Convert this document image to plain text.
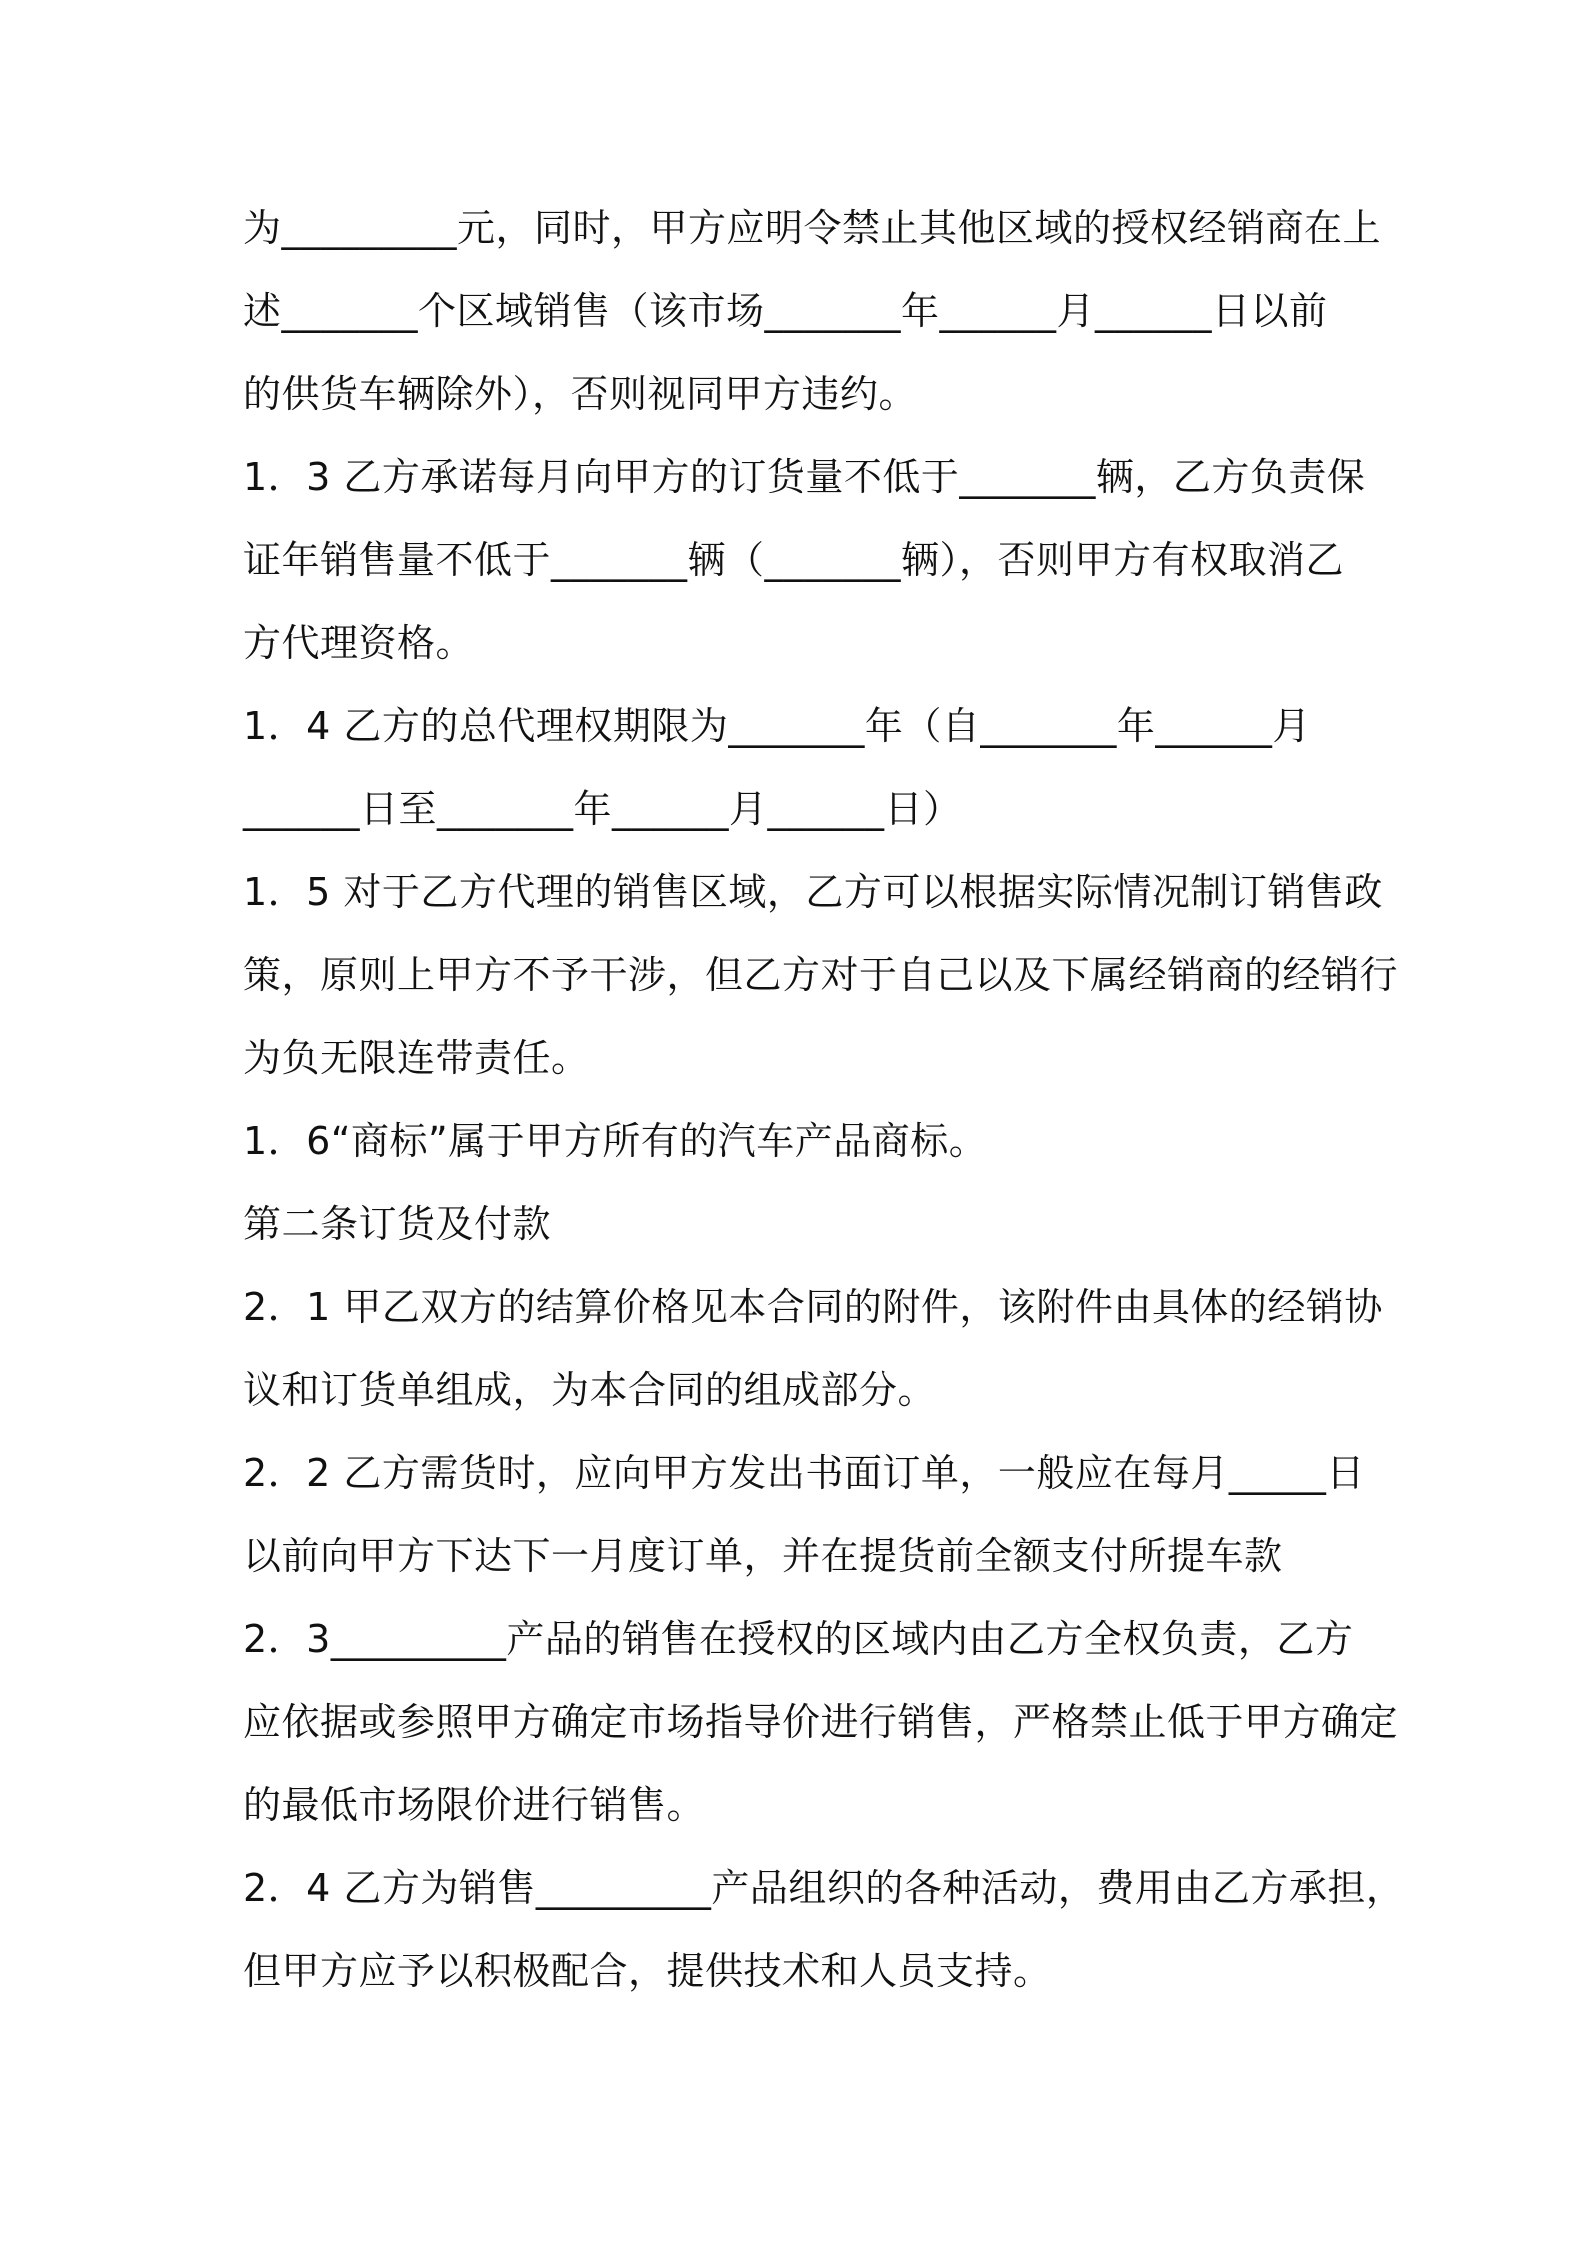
为_________元，同时，甲方应明令禁止其他区域的授权经销商在上

述_______个区域销售（该市场_______年______月______日以前

的供货车辆除外），否则视同甲方违约。

1．3 乙方承诺每月向甲方的订货量不低于_______辆，乙方负责保

证年销售量不低于_______辆（_______辆），否则甲方有权取消乙

方代理资格。

1．4 乙方的总代理权期限为_______年（自_______年______月

______日至_______年______月______日）

1．5 对于乙方代理的销售区域，乙方可以根据实际情况制订销售政

策，原则上甲方不予干涉，但乙方对于自己以及下属经销商的经销行

为负无限连带责任。

1．6“商标”属于甲方所有的汽车产品商标。

第二条订货及付款

2．1 甲乙双方的结算价格见本合同的附件，该附件由具体的经销协

议和订货单组成，为本合同的组成部分。

2．2 乙方需货时，应向甲方发出书面订单，一般应在每月_____日

以前向甲方下达下一月度订单，并在提货前全额支付所提车款

2．3_________产品的销售在授权的区域内由乙方全权负责，乙方

应依据或参照甲方确定市场指导价进行销售，严格禁止低于甲方确定

的最低市场限价进行销售。

2．4 乙方为销售_________产品组织的各种活动，费用由乙方承担，

但甲方应予以积极配合，提供技术和人员支持。
